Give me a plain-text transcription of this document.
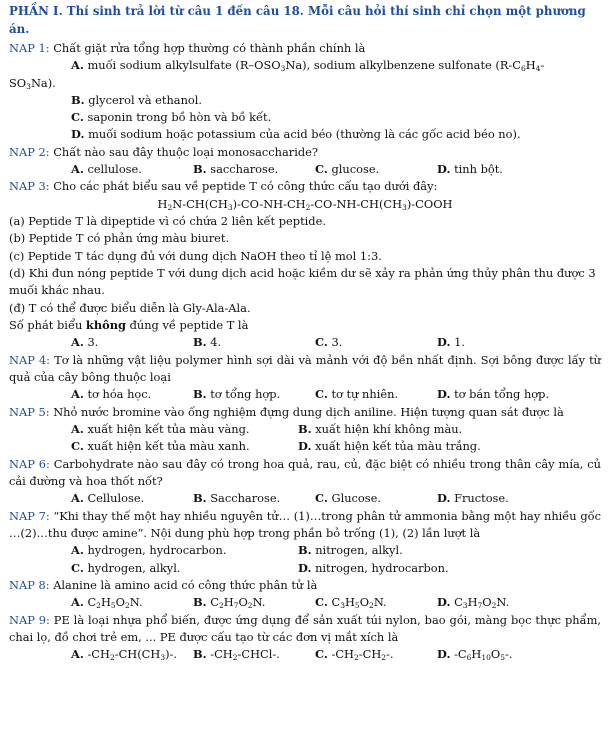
PHẦN I. Thí sinh trả lời từ câu 1 đến câu 18. Mỗi câu hỏi thí sinh chỉ chọn một phương án.

NAP 1: Chất giặt rửa tổng hợp thường có thành phần chính là

A. muối sodium alkylsulfate $(R-OSO_3Na)$, sodium alkylbenzene sulfonate ($R-C_6H_4-$

$SO_3Na$).

B. glycerol và ethanol.

C. saponin trong bồ hòn và bồ kết.

D. muối sodium hoặc potassium của acid béo (thường là các gốc acid béo no).

NAP 2: Chất nào sau đây thuộc loại monosaccharide?

A. cellulose.	B. saccharose.	C. glucose.	D. tinh bột.

NAP 3: Cho các phát biểu sau về peptide T có công thức cấu tạo dưới đây:

$H_2N-CH(CH_3)-CO-NH-CH_2-CO-NH-CH(CH_3)$-COOH

(a) Peptide T là dipeptide vì có chứa 2 liên kết peptide.

(b) Peptide T có phản ứng màu biuret.

(c) Peptide T tác dụng đủ với dung dịch NaOH theo tỉ lệ mol 1:3.

(d) Khi đun nóng peptide T với dung dịch acid hoặc kiềm dư sẽ xảy ra phản ứng thủy phân thu được 3 muối khác nhau.

(đ) T có thể được biểu diễn là Gly-Ala-Ala.

Số phát biểu không đúng về peptide T là

A. 3.	B. 4.	C. 3.	D. 1.

NAP 4: Tơ là những vật liệu polymer hình sợi dài và mảnh với độ bền nhất định. Sợi bông được lấy từ quả của cây bông thuộc loại

A. tơ hóa học.	B. tơ tổng hợp.	C. tơ tự nhiên.	D. tơ bán tổng hợp.

NAP 5: Nhỏ nước bromine vào ống nghiệm đựng dung dịch aniline. Hiện tượng quan sát được là

A. xuất hiện kết tủa màu vàng.	B. xuất hiện khí không màu.
C. xuất hiện kết tủa màu xanh.	D. xuất hiện kết tủa màu trắng.

NAP 6: Carbohydrate nào sau đây có trong hoa quả, rau, củ, đặc biệt có nhiều trong thân cây mía, củ cải đường và hoa thốt nốt?

A. Cellulose.	B. Saccharose.	C. Glucose.	D. Fructose.

NAP 7: “Khi thay thế một hay nhiều nguyên tử… (1)…trong phân tử ammonia bằng một hay nhiều gốc …(2)…thu được amine”. Nội dung phù hợp trong phần bỏ trống (1), (2) lần lượt là

A. hydrogen, hydrocarbon.	B. nitrogen, alkyl.
C. hydrogen, alkyl.	D. nitrogen, hydrocarbon.

NAP 8: Alanine là amino acid có công thức phân tử là

A. $C_2H_5O_2N$.	B. $C_2H_7O_2N$.	C. $C_3H_5O_2N$.	D. $C_3H_7O_2N$.

NAP 9: PE là loại nhựa phổ biến, được ứng dụng để sản xuất túi nylon, bao gói, màng bọc thực phẩm, chai lọ, đồ chơi trẻ em, ... PE được cấu tạo từ các đơn vị mắt xích là

A. $-CH_2-CH(CH_3)-$.	B. $-CH_2-CHCl-$.	C. $-CH_2-CH_2-$.	D. $-C_6H_{10}O_5-$.
